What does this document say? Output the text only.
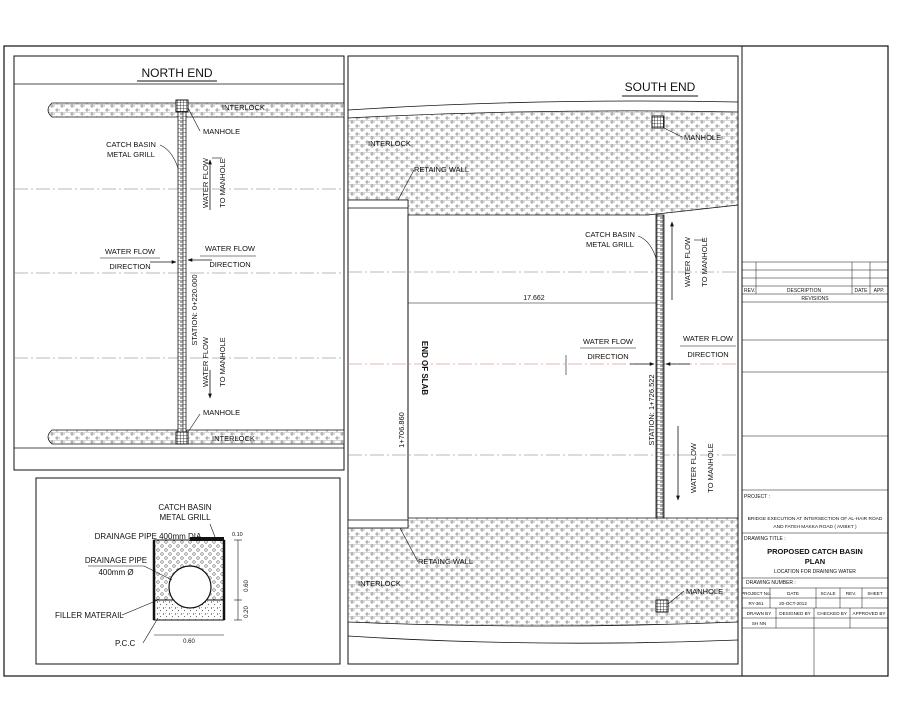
NORTH END
MANHOLE
MANHOLE
INTERLOCK
INTERLOCK
CATCH BASIN
METAL GRILL
WATER FLOW
DIRECTION
WATER FLOW
DIRECTION
WATER FLOW TO MANHOLE
WATER FLOW TO MANHOLE
STATION: 0+220.000
CATCH BASIN
METAL GRILL
DRAINAGE PIPE 400mm DIA
DRAINAGE PIPE
400mm Ø
FILLER MATERAIL
P.C.C
0.60
0.20
0.60
0.10
SOUTH END
17.662
MANHOLE
MANHOLE
INTERLOCK
RETAING WALL
INTERLOCK
RETAING WALL
CATCH BASIN
METAL GRILL
WATER FLOW
DIRECTION
WATER FLOW
DIRECTION
WATER FLOW TO MANHOLE
WATER FLOW TO MANHOLE
END OF SLAB
1+706.860	STATION: 1+726.522
REV.	DESCRIPTION	DATE APP.
REVISIONS
PROJECT :
BRIDGE EXECUTION AT INTERSECTION OF AL-HAIR ROAD
AND FATEH MAKKA ROAD ( AVIBKT )
DRAWING TITLE :
PROPOSED CATCH BASIN
PLAN
LOCATION FOR DRAINING WATER
DRAWING NUMBER :
PROJECT No.	DATE	SCALE REV. SHEET
RY-361	20-OCT-2012
DRAWN BY DESIGNED BY CHECKED BY APPROVED BY
SH NN
